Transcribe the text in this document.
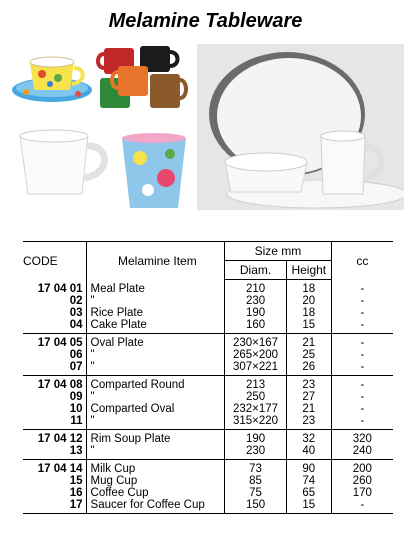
Melamine Tableware
CODE	Melamine Item	Size mm		cc
		Diam.	Height	
17 04 01	Meal Plate	210	18	-
02	"	230	20	-
03	Rice Plate	190	18	-
04	Cake Plate	160	15	-
17 04 05	Oval Plate	230×167	21	-
06	"	265×200	25	-
07	"	307×221	26	-
17 04 08	Comparted Round	213	23	-
09	"	250	27	-
10	Comparted Oval	232×177	21	-
11	"	315×220	23	-
17 04 12	Rim Soup Plate	190	32	320
13	"	230	40	240
17 04 14	Milk Cup	73	90	200
15	Mug Cup	85	74	260
16	Coffee Cup	75	65	170
17	Saucer for Coffee Cup	150	15	-
